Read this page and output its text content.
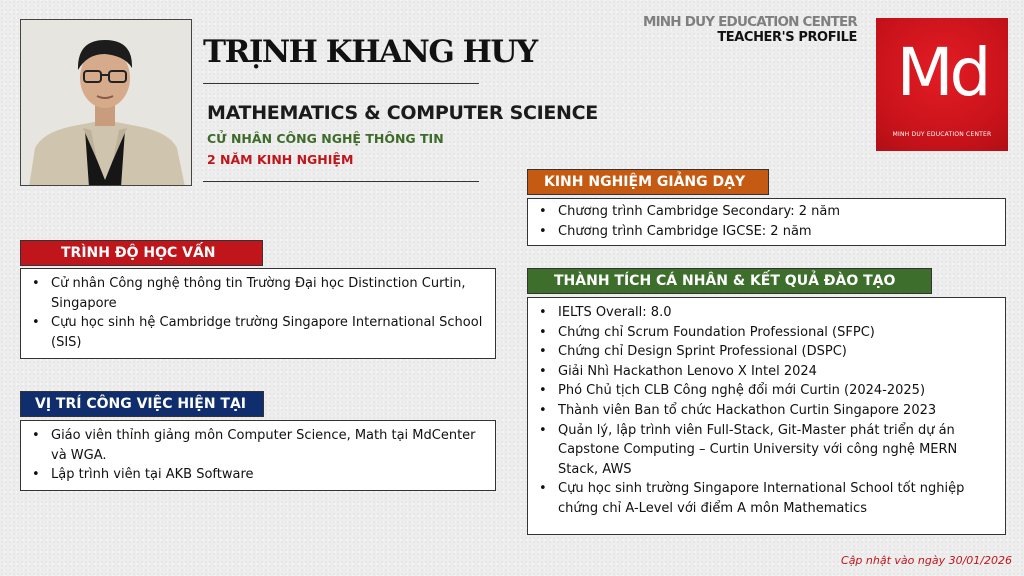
TRỊNH KHANG HUY
MATHEMATICS & COMPUTER SCIENCE
CỬ NHÂN CÔNG NGHỆ THÔNG TIN
2 NĂM KINH NGHIỆM
MINH DUY EDUCATION CENTER
TEACHER'S PROFILE Md
MINH DUY EDUCATION CENTER
TRÌNH ĐỘ HỌC VẤN
• Cử nhân Công nghệ thông tin Trường Đại học Distinction Curtin, Singapore
• Cựu học sinh hệ Cambridge trường Singapore International School (SIS)
VỊ TRÍ CÔNG VIỆC HIỆN TẠI
• Giáo viên thỉnh giảng môn Computer Science, Math tại MdCenter và WGA.
• Lập trình viên tại AKB Software
KINH NGHIỆM GIẢNG DẠY
• Chương trình Cambridge Secondary: 2 năm
• Chương trình Cambridge IGCSE: 2 năm
THÀNH TÍCH CÁ NHÂN & KẾT QUẢ ĐÀO TẠO
• IELTS Overall: 8.0
• Chứng chỉ Scrum Foundation Professional (SFPC)
• Chứng chỉ Design Sprint Professional (DSPC)
• Giải Nhì Hackathon Lenovo X Intel 2024
• Phó Chủ tịch CLB Công nghệ đổi mới Curtin (2024-2025)
• Thành viên Ban tổ chức Hackathon Curtin Singapore 2023
• Quản lý, lập trình viên Full-Stack, Git-Master phát triển dự án Capstone Computing – Curtin University với công nghệ MERN Stack, AWS
• Cựu học sinh trường Singapore International School tốt nghiệp chứng chỉ A-Level với điểm A môn Mathematics
Cập nhật vào ngày 30/01/2026
